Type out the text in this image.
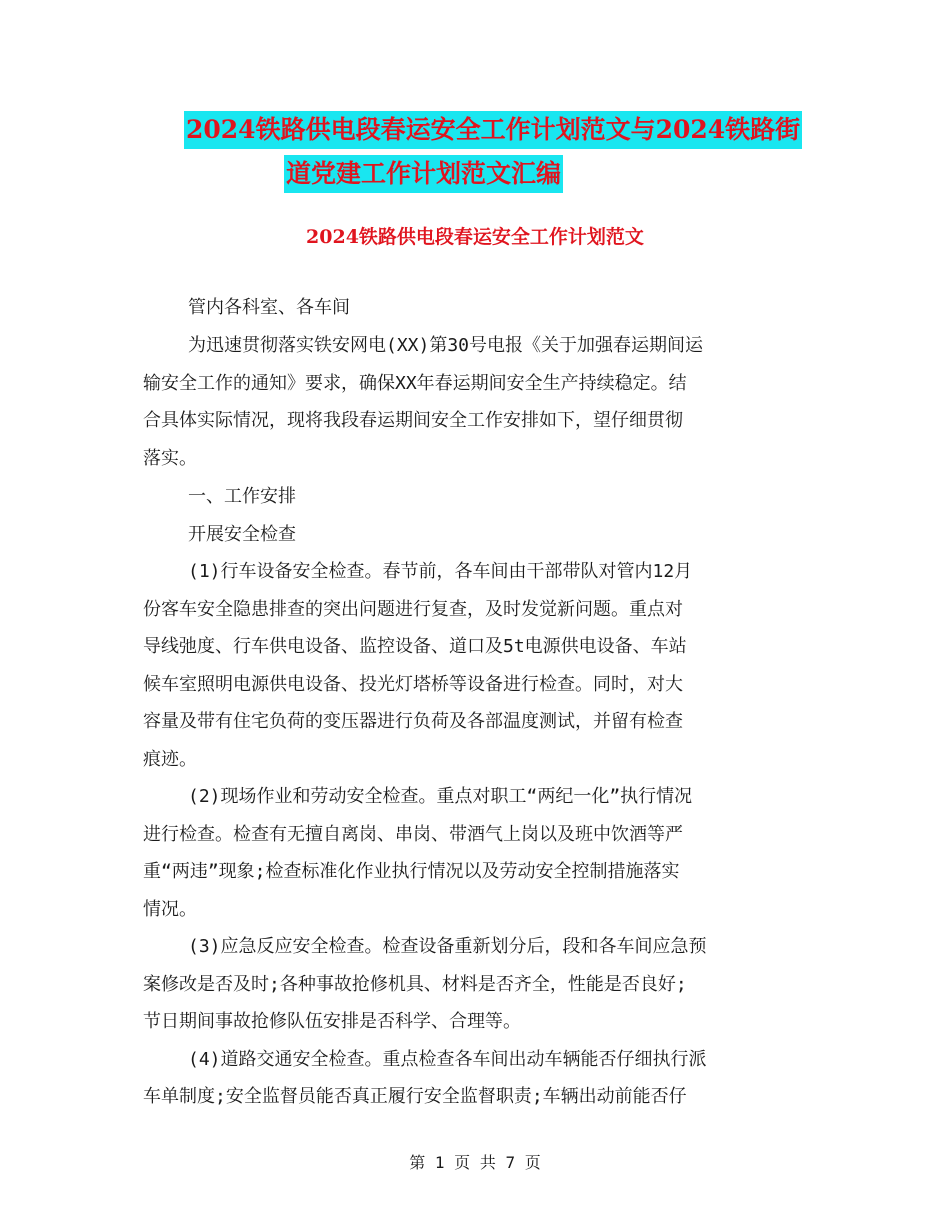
2024铁路供电段春运安全工作计划范文与2024铁路街
道党建工作计划范文汇编
2024铁路供电段春运安全工作计划范文
管内各科室、各车间
为迅速贯彻落实铁安网电(XX)第30号电报《关于加强春运期间运
输安全工作的通知》要求，确保XX年春运期间安全生产持续稳定。结
合具体实际情况，现将我段春运期间安全工作安排如下，望仔细贯彻
落实。
一、工作安排
开展安全检查
(1)行车设备安全检查。春节前，各车间由干部带队对管内12月
份客车安全隐患排查的突出问题进行复查，及时发觉新问题。重点对
导线弛度、行车供电设备、监控设备、道口及5t电源供电设备、车站
候车室照明电源供电设备、投光灯塔桥等设备进行检查。同时，对大
容量及带有住宅负荷的变压器进行负荷及各部温度测试，并留有检查
痕迹。
(2)现场作业和劳动安全检查。重点对职工“两纪一化”执行情况
进行检查。检查有无擅自离岗、串岗、带酒气上岗以及班中饮酒等严
重“两违”现象;检查标准化作业执行情况以及劳动安全控制措施落实
情况。
(3)应急反应安全检查。检查设备重新划分后，段和各车间应急预
案修改是否及时;各种事故抢修机具、材料是否齐全，性能是否良好;
节日期间事故抢修队伍安排是否科学、合理等。
(4)道路交通安全检查。重点检查各车间出动车辆能否仔细执行派
车单制度;安全监督员能否真正履行安全监督职责;车辆出动前能否仔
第 1 页 共 7 页
